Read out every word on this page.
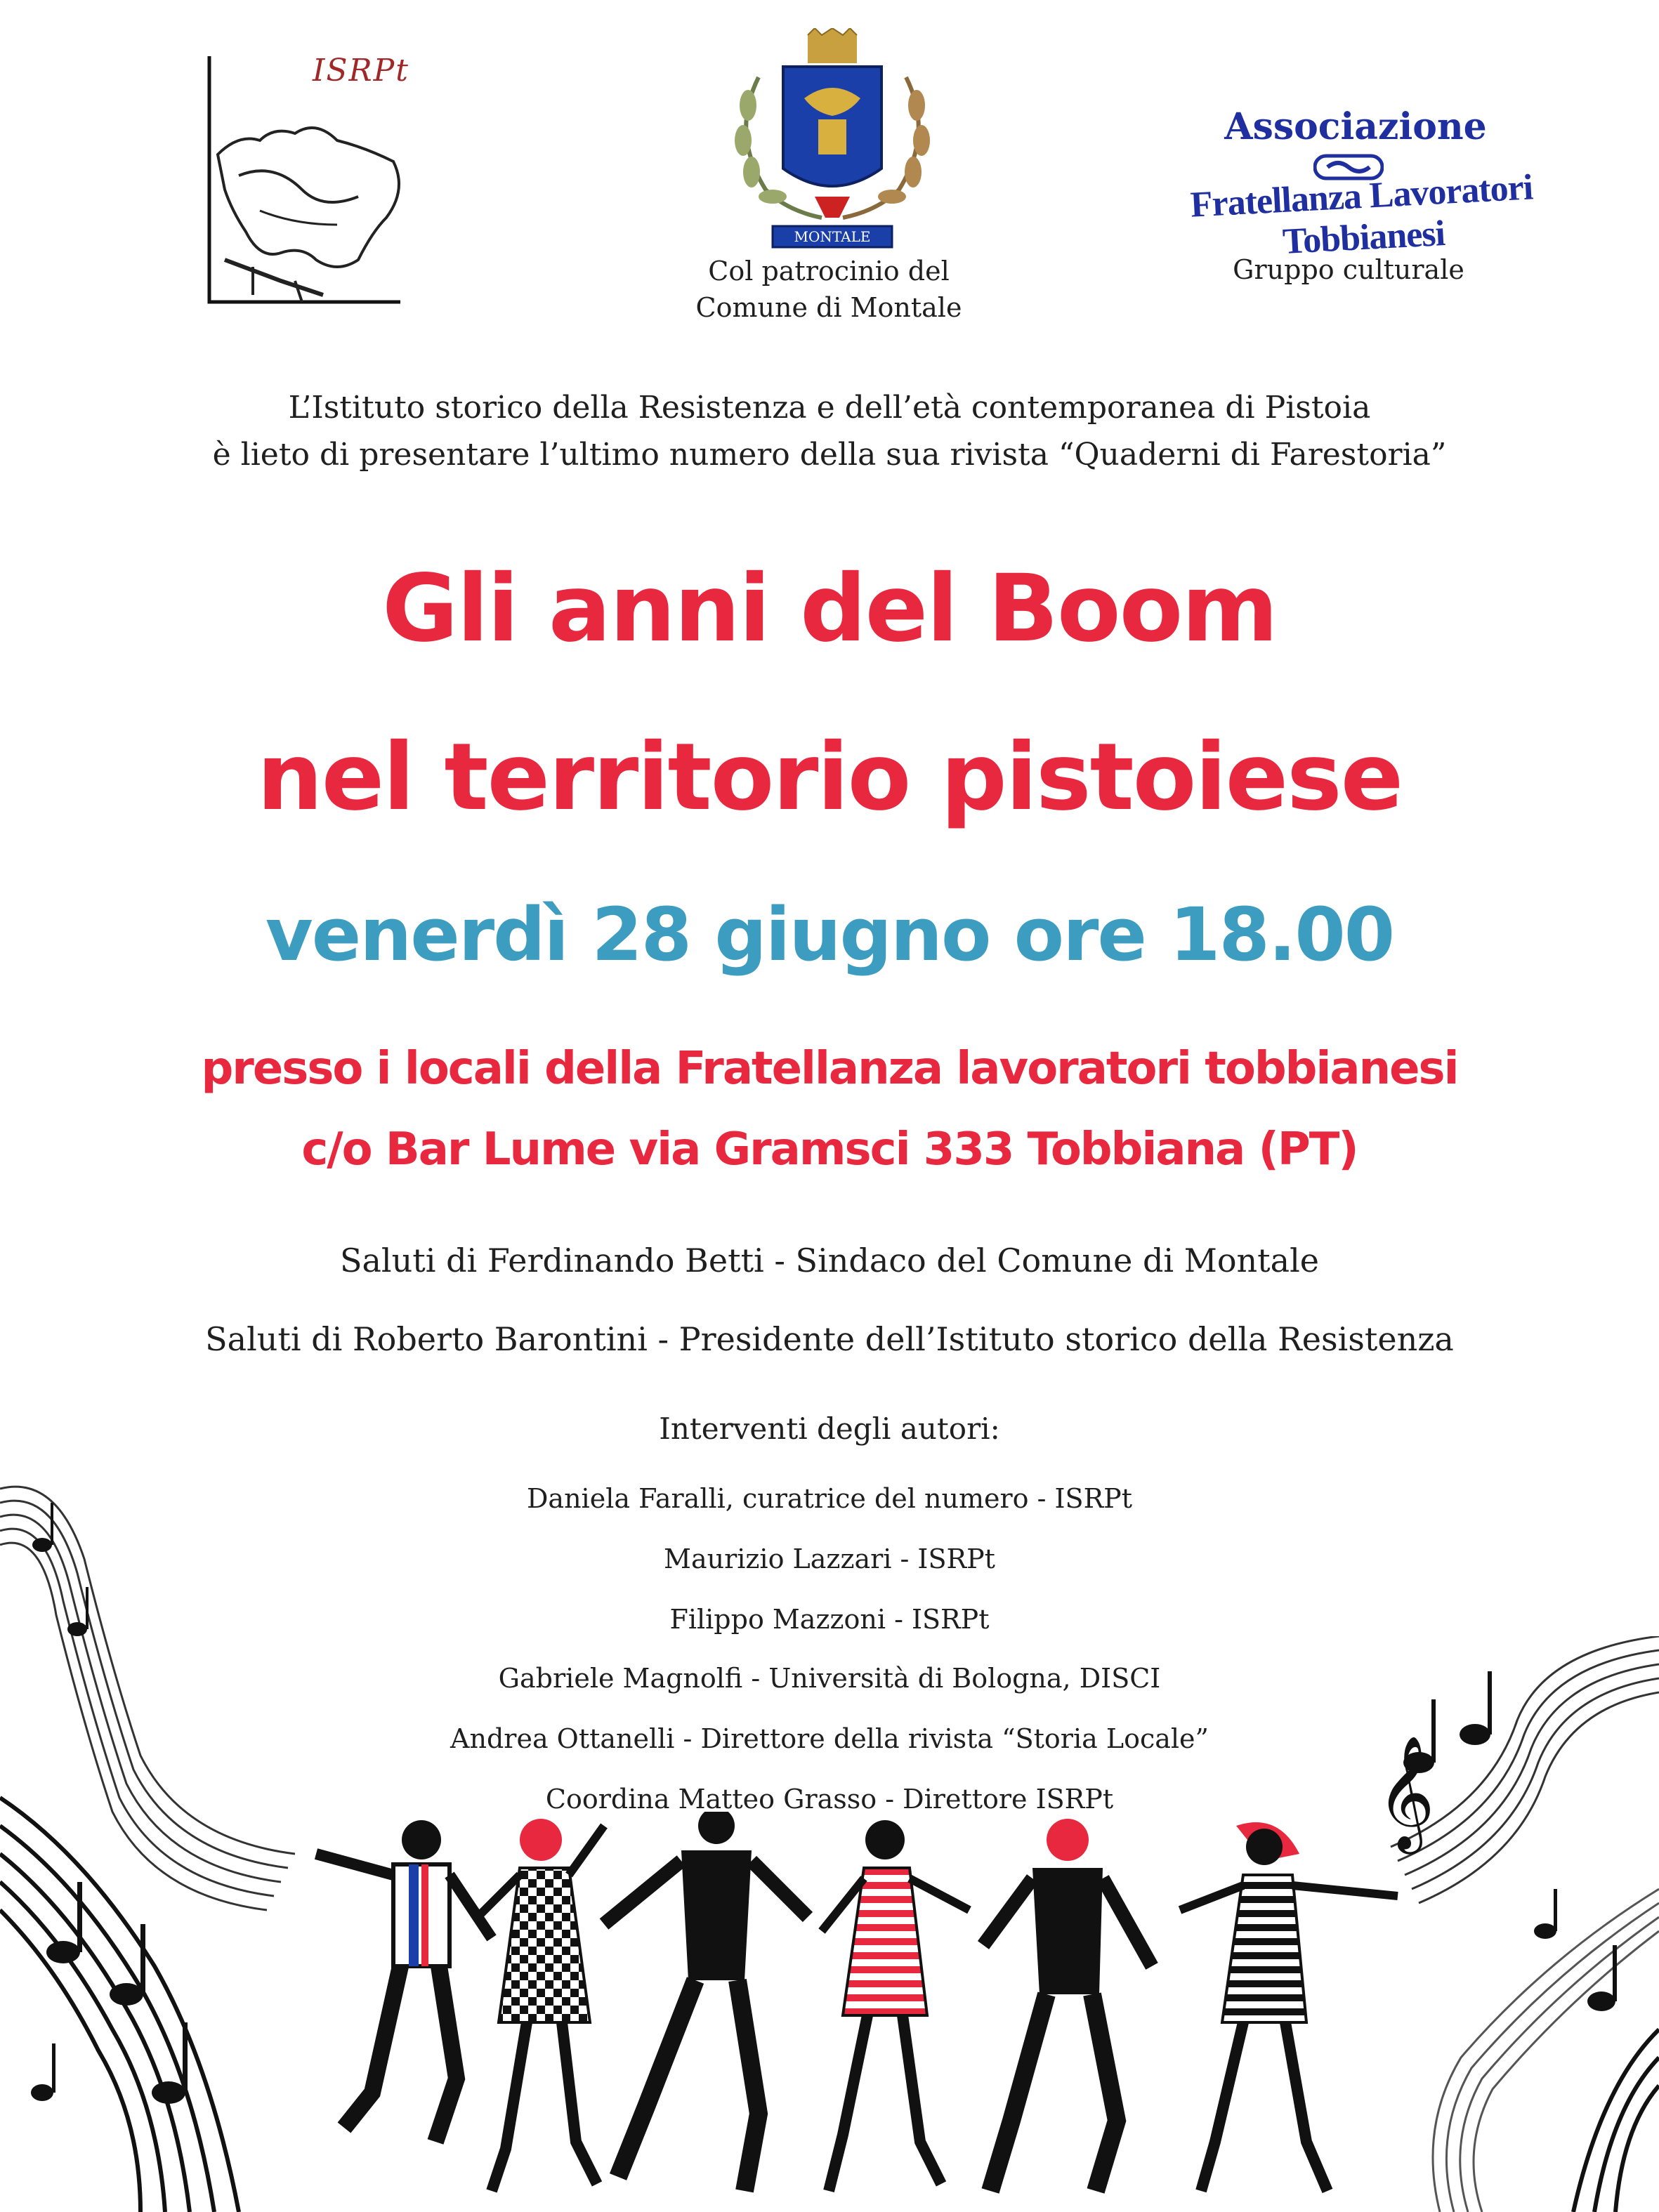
ISRPt
MONTALE
Col patrocinio del
Comune di Montale
Associazione
Fratellanza Lavoratori Tobbianesi
Gruppo culturale
L’Istituto storico della Resistenza e dell’età contemporanea di Pistoia
è lieto di presentare l’ultimo numero della sua rivista “Quaderni di Farestoria”
Gli anni del Boom
nel territorio pistoiese
venerdì 28 giugno ore 18.00
presso i locali della Fratellanza lavoratori tobbianesi
c/o Bar Lume via Gramsci 333 Tobbiana (PT)
Saluti di Ferdinando Betti - Sindaco del Comune di Montale
Saluti di Roberto Barontini - Presidente dell’Istituto storico della Resistenza
Interventi degli autori:
Daniela Faralli, curatrice del numero - ISRPt
Maurizio Lazzari - ISRPt
Filippo Mazzoni - ISRPt
Gabriele Magnolfi - Università di Bologna, DISCI
Andrea Ottanelli - Direttore della rivista “Storia Locale”
Coordina Matteo Grasso - Direttore ISRPt	𝄞
